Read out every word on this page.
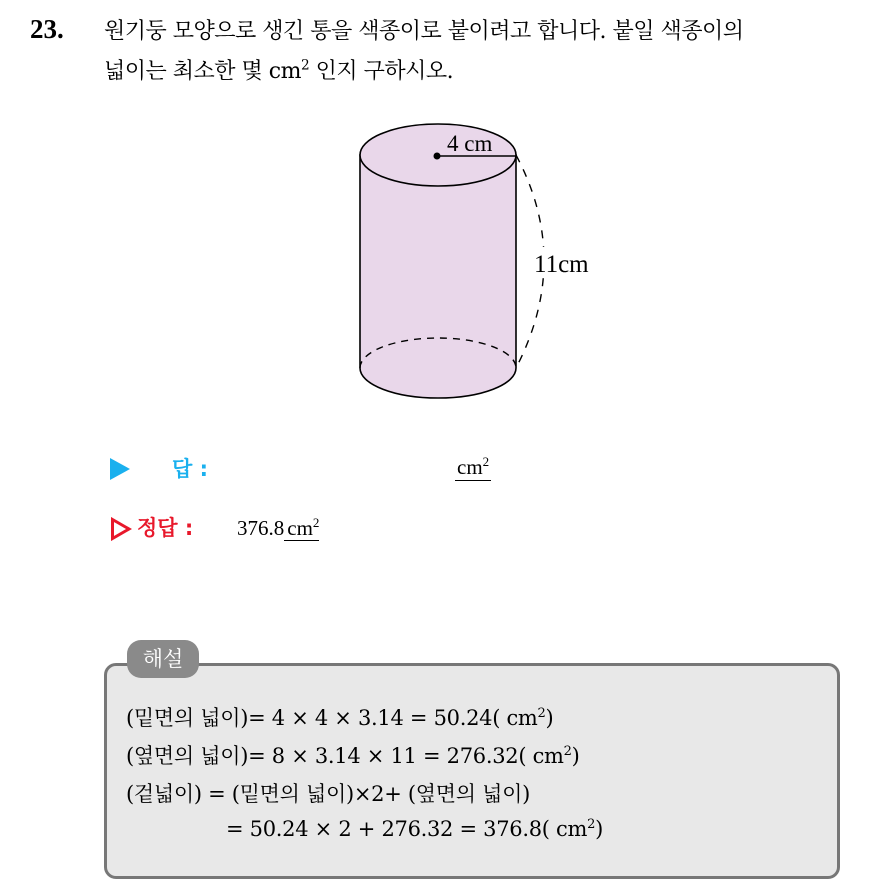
23. 원기둥 모양으로 생긴 통을 색종이로 붙이려고 합니다. 붙일 색종이의
넓이는 최소한 몇 $cm^2$ 인지 구하시오.
4 cm
11cm
답 :	$cm^2$
정답 : 376.8 $cm^2$
해설
(밑면의 넓이)= 4 × 4 × 3.14 = 50.24( $cm^2$)
(옆면의 넓이)= 8 × 3.14 × 11 = 276.32( $cm^2$)
(겉넓이) = (밑면의 넓이)×2+ (옆면의 넓이)
= 50.24 × 2 + 276.32 = 376.8( $cm^2$)
